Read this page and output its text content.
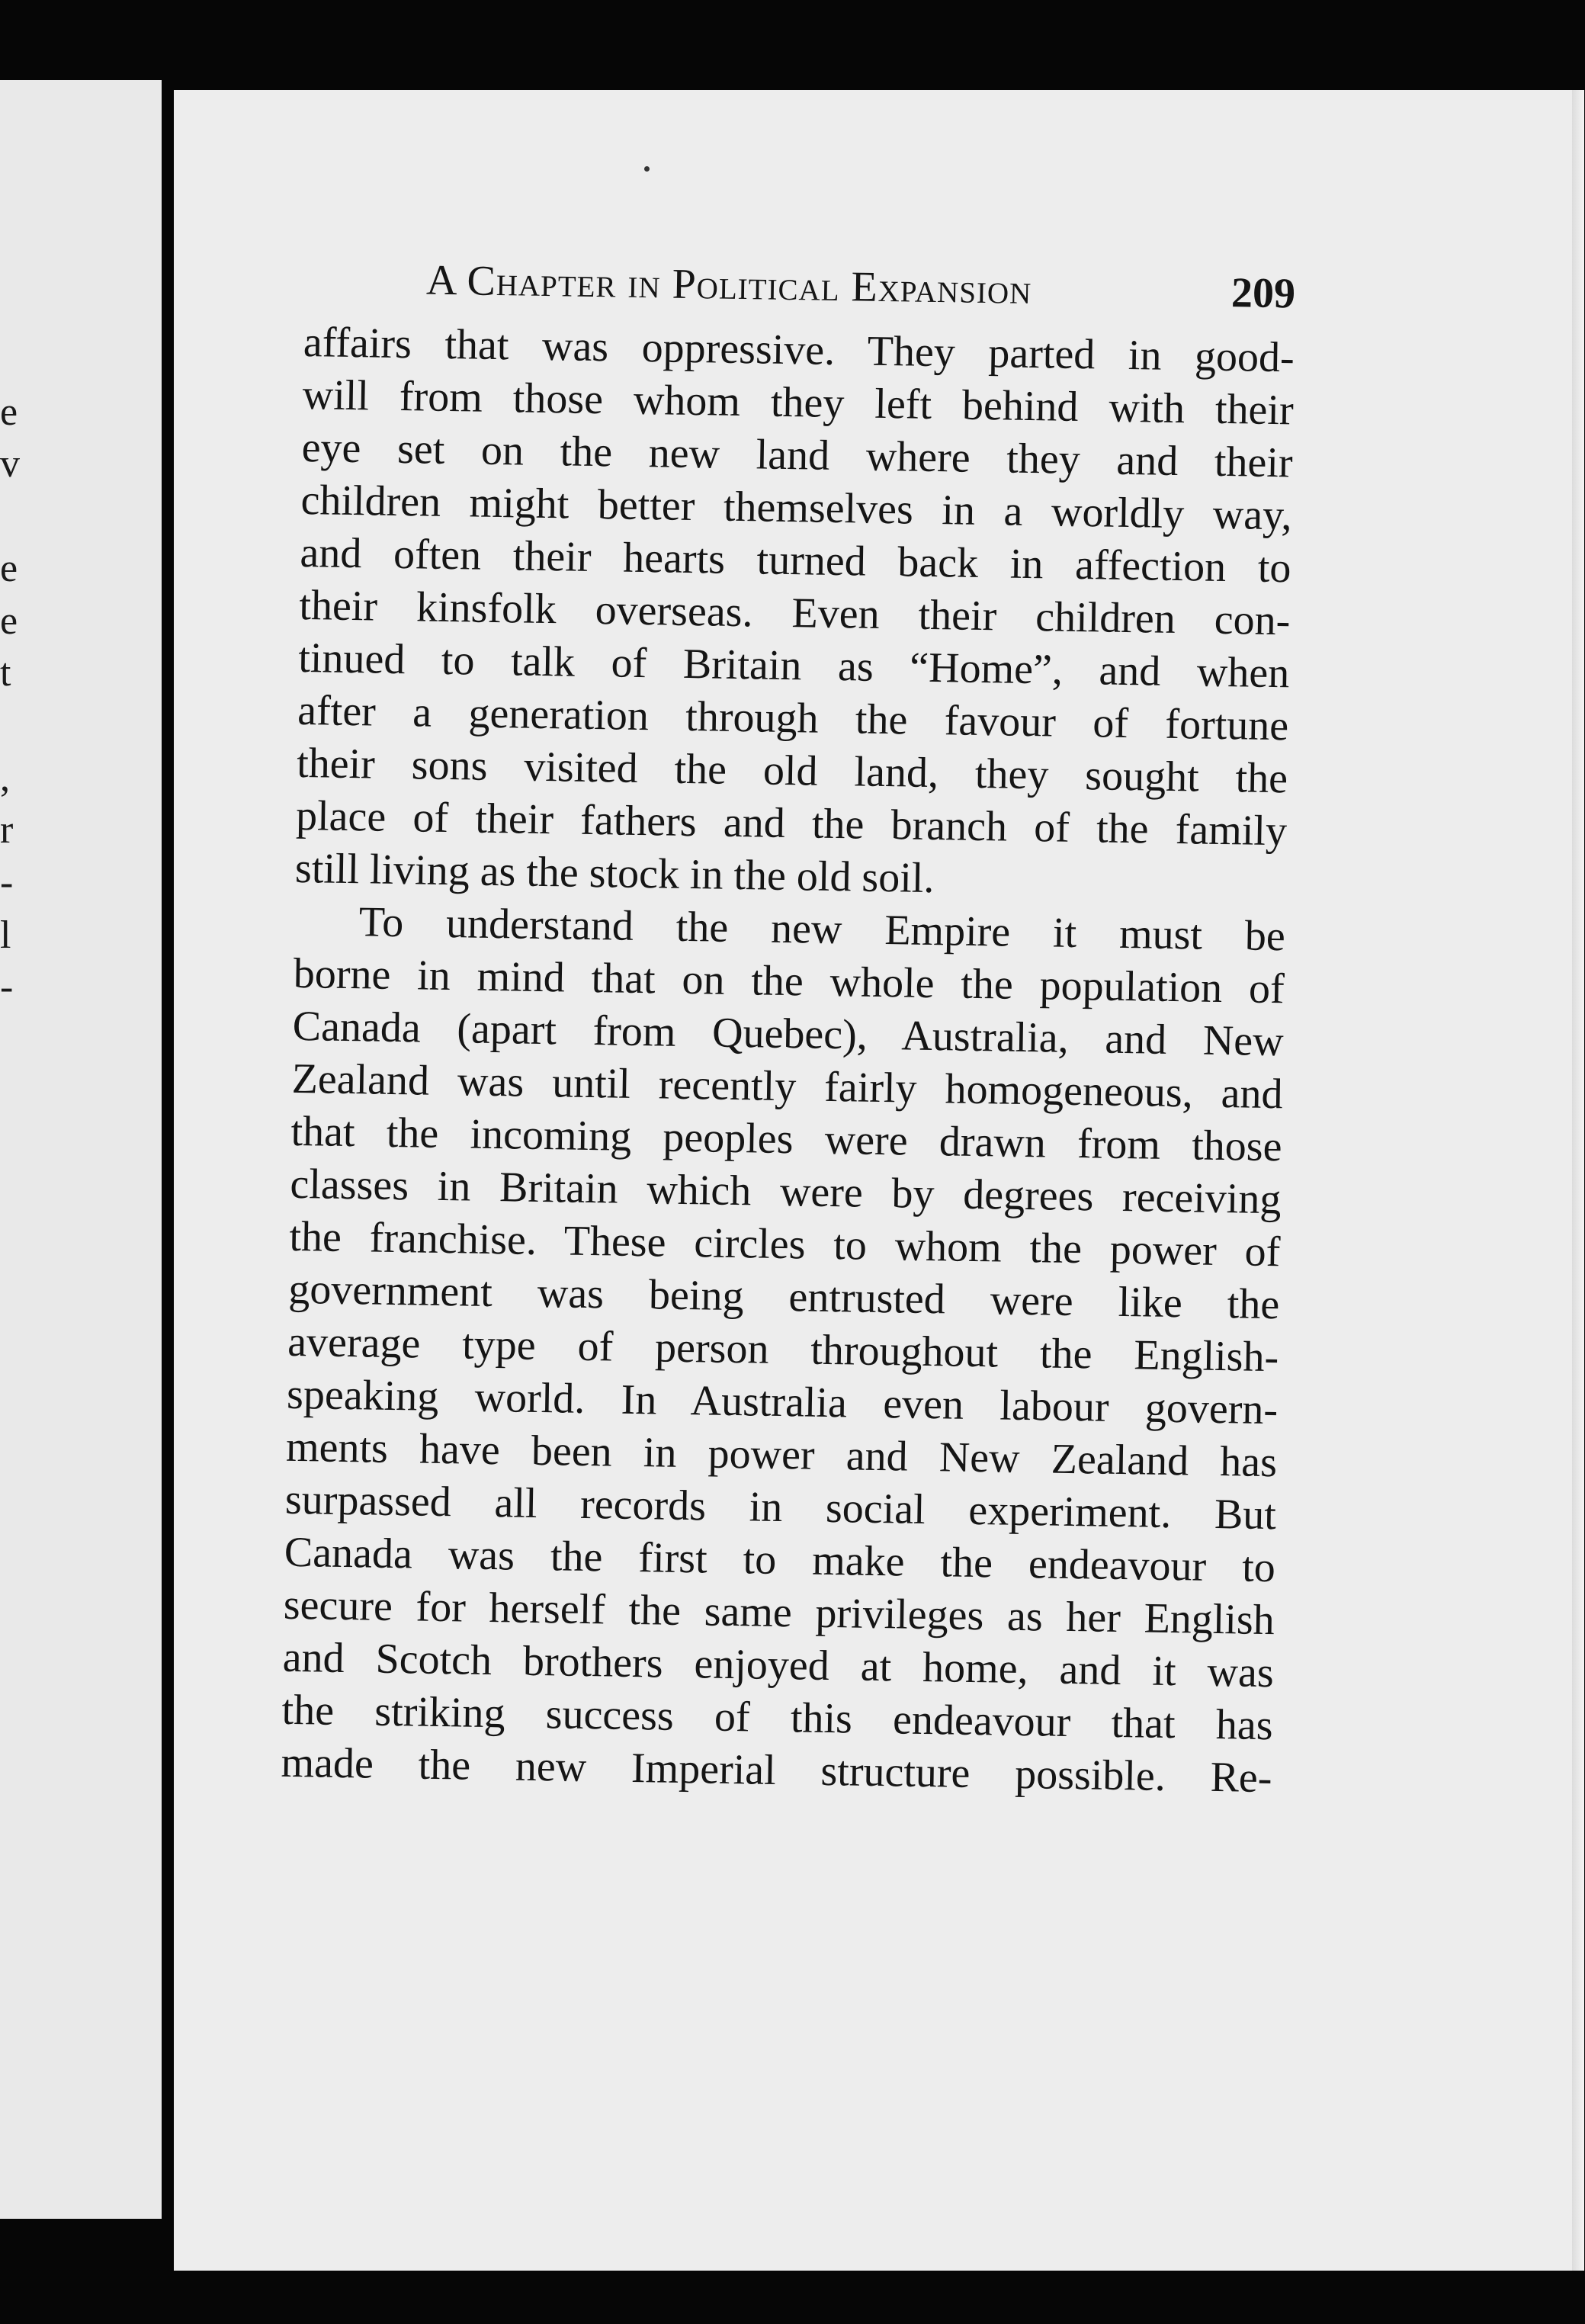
e
v
e
e
t
,
r
-
l
-
A Chapter in Political Expansion	209
affairs that was oppressive. They parted in good-
will from those whom they left behind with their
eye set on the new land where they and their
children might better themselves in a worldly way,
and often their hearts turned back in affection to
their kinsfolk overseas. Even their children con-
tinued to talk of Britain as “Home”, and when
after a generation through the favour of fortune
their sons visited the old land, they sought the
place of their fathers and the branch of the family
still living as the stock in the old soil.
To understand the new Empire it must be
borne in mind that on the whole the population of
Canada (apart from Quebec), Australia, and New
Zealand was until recently fairly homogeneous, and
that the incoming peoples were drawn from those
classes in Britain which were by degrees receiving
the franchise. These circles to whom the power of
government was being entrusted were like the
average type of person throughout the English-
speaking world. In Australia even labour govern-
ments have been in power and New Zealand has
surpassed all records in social experiment. But
Canada was the first to make the endeavour to
secure for herself the same privileges as her English
and Scotch brothers enjoyed at home, and it was
the striking success of this endeavour that has
made the new Imperial structure possible. Re-
